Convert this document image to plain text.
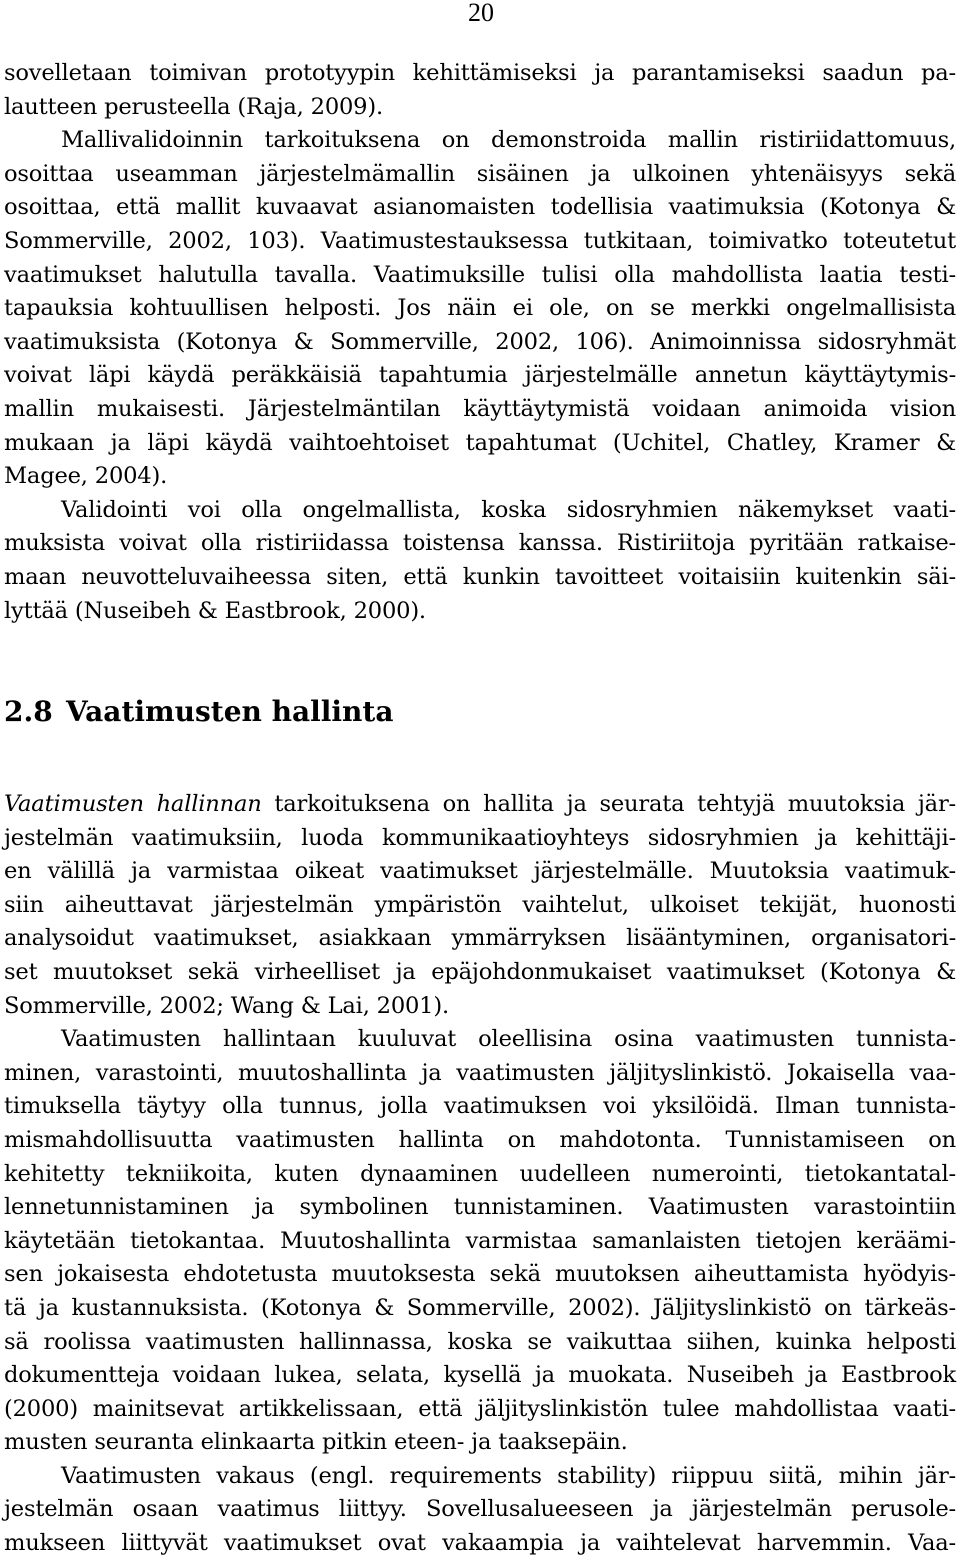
20
sovelletaan toimivan prototyypin kehittämiseksi ja parantamiseksi saadun pa-
lautteen perusteella (Raja, 2009).
Mallivalidoinnin tarkoituksena on demonstroida mallin ristiriidattomuus,
osoittaa useamman järjestelmämallin sisäinen ja ulkoinen yhtenäisyys sekä
osoittaa, että mallit kuvaavat asianomaisten todellisia vaatimuksia (Kotonya &
Sommerville, 2002, 103). Vaatimustestauksessa tutkitaan, toimivatko toteutetut
vaatimukset halutulla tavalla. Vaatimuksille tulisi olla mahdollista laatia testi-
tapauksia kohtuullisen helposti. Jos näin ei ole, on se merkki ongelmallisista
vaatimuksista (Kotonya & Sommerville, 2002, 106). Animoinnissa sidosryhmät
voivat läpi käydä peräkkäisiä tapahtumia järjestelmälle annetun käyttäytymis-
mallin mukaisesti. Järjestelmäntilan käyttäytymistä voidaan animoida vision
mukaan ja läpi käydä vaihtoehtoiset tapahtumat (Uchitel, Chatley, Kramer &
Magee, 2004).
Validointi voi olla ongelmallista, koska sidosryhmien näkemykset vaati-
muksista voivat olla ristiriidassa toistensa kanssa. Ristiriitoja pyritään ratkaise-
maan neuvotteluvaiheessa siten, että kunkin tavoitteet voitaisiin kuitenkin säi-
lyttää (Nuseibeh & Eastbrook, 2000).
2.8 Vaatimusten hallinta
Vaatimusten hallinnan tarkoituksena on hallita ja seurata tehtyjä muutoksia jär-
jestelmän vaatimuksiin, luoda kommunikaatioyhteys sidosryhmien ja kehittäji-
en välillä ja varmistaa oikeat vaatimukset järjestelmälle. Muutoksia vaatimuk-
siin aiheuttavat järjestelmän ympäristön vaihtelut, ulkoiset tekijät, huonosti
analysoidut vaatimukset, asiakkaan ymmärryksen lisääntyminen, organisatori-
set muutokset sekä virheelliset ja epäjohdonmukaiset vaatimukset (Kotonya &
Sommerville, 2002; Wang & Lai, 2001).
Vaatimusten hallintaan kuuluvat oleellisina osina vaatimusten tunnista-
minen, varastointi, muutoshallinta ja vaatimusten jäljityslinkistö. Jokaisella vaa-
timuksella täytyy olla tunnus, jolla vaatimuksen voi yksilöidä. Ilman tunnista-
mismahdollisuutta vaatimusten hallinta on mahdotonta. Tunnistamiseen on
kehitetty tekniikoita, kuten dynaaminen uudelleen numerointi, tietokantatal-
lennetunnistaminen ja symbolinen tunnistaminen. Vaatimusten varastointiin
käytetään tietokantaa. Muutoshallinta varmistaa samanlaisten tietojen keräämi-
sen jokaisesta ehdotetusta muutoksesta sekä muutoksen aiheuttamista hyödyis-
tä ja kustannuksista. (Kotonya & Sommerville, 2002). Jäljityslinkistö on tärkeäs-
sä roolissa vaatimusten hallinnassa, koska se vaikuttaa siihen, kuinka helposti
dokumentteja voidaan lukea, selata, kysellä ja muokata. Nuseibeh ja Eastbrook
(2000) mainitsevat artikkelissaan, että jäljityslinkistön tulee mahdollistaa vaati-
musten seuranta elinkaarta pitkin eteen- ja taaksepäin.
Vaatimusten vakaus (engl. requirements stability) riippuu siitä, mihin jär-
jestelmän osaan vaatimus liittyy. Sovellusalueeseen ja järjestelmän perusole-
mukseen liittyvät vaatimukset ovat vakaampia ja vaihtelevat harvemmin. Vaa-
